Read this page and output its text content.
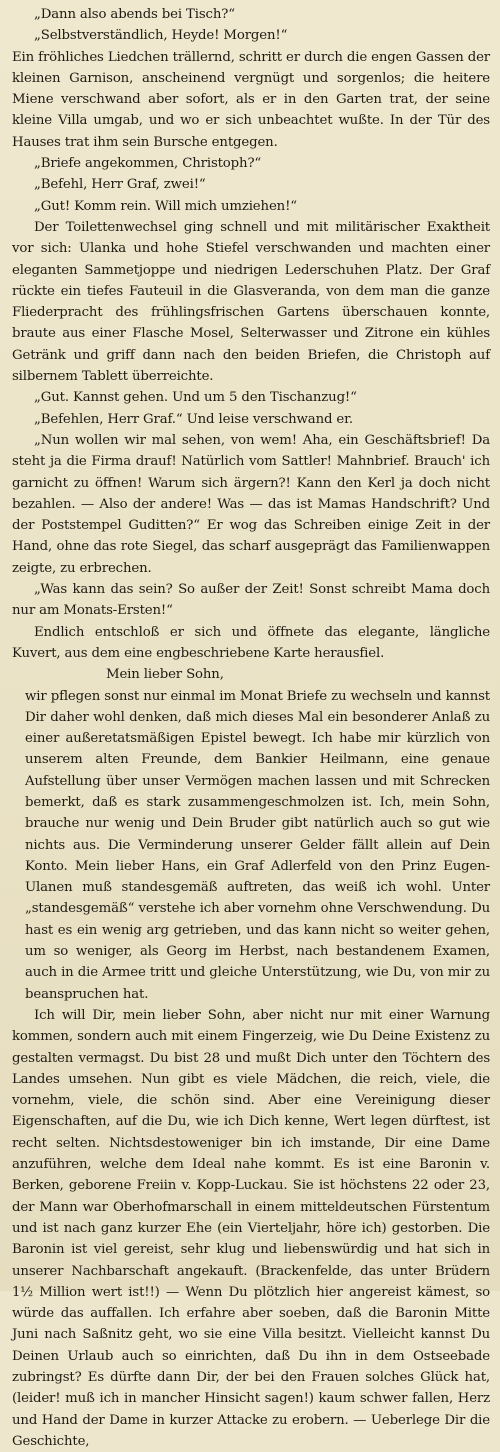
„Dann also abends bei Tisch?“

„Selbstverständlich, Heyde! Morgen!“

Ein fröhliches Liedchen trällernd, schritt er durch die engen Gassen der kleinen Garnison, anscheinend vergnügt und sorgenlos; die heitere Miene verschwand aber sofort, als er in den Garten trat, der seine kleine Villa umgab, und wo er sich unbeachtet wußte. In der Tür des Hauses trat ihm sein Bursche entgegen.

„Briefe angekommen, Christoph?“

„Befehl, Herr Graf, zwei!“

„Gut! Komm rein. Will mich umziehen!“

Der Toilettenwechsel ging schnell und mit militärischer Exaktheit vor sich: Ulanka und hohe Stiefel verschwanden und machten einer eleganten Sammetjoppe und niedrigen Lederschuhen Platz. Der Graf rückte ein tiefes Fauteuil in die Glasveranda, von dem man die ganze Fliederpracht des frühlingsfrischen Gartens überschauen konnte, braute aus einer Flasche Mosel, Selterwasser und Zitrone ein kühles Getränk und griff dann nach den beiden Briefen, die Christoph auf silbernem Tablett überreichte.

„Gut. Kannst gehen. Und um 5 den Tischanzug!“

„Befehlen, Herr Graf.“ Und leise verschwand er.

„Nun wollen wir mal sehen, von wem! Aha, ein Geschäftsbrief! Da steht ja die Firma drauf! Natürlich vom Sattler! Mahnbrief. Brauch' ich garnicht zu öffnen! Warum sich ärgern?! Kann den Kerl ja doch nicht bezahlen. — Also der andere! Was — das ist Mamas Handschrift? Und der Poststempel Guditten?“ Er wog das Schreiben einige Zeit in der Hand, ohne das rote Siegel, das scharf ausgeprägt das Familienwappen zeigte, zu erbrechen.

„Was kann das sein? So außer der Zeit! Sonst schreibt Mama doch nur am Monats-Ersten!“

Endlich entschloß er sich und öffnete das elegante, längliche Kuvert, aus dem eine engbeschriebene Karte herausfiel.

Mein lieber Sohn,

wir pflegen sonst nur einmal im Monat Briefe zu wechseln und kannst Dir daher wohl denken, daß mich dieses Mal ein besonderer Anlaß zu einer außeretatsmäßigen Epistel bewegt. Ich habe mir kürzlich von unserem alten Freunde, dem Bankier Heilmann, eine genaue Aufstellung über unser Vermögen machen lassen und mit Schrecken bemerkt, daß es stark zusammengeschmolzen ist. Ich, mein Sohn, brauche nur wenig und Dein Bruder gibt natürlich auch so gut wie nichts aus. Die Verminderung unserer Gelder fällt allein auf Dein Konto. Mein lieber Hans, ein Graf Adlerfeld von den Prinz Eugen-Ulanen muß standesgemäß auftreten, das weiß ich wohl. Unter „standesgemäß“ verstehe ich aber vornehm ohne Verschwendung. Du hast es ein wenig arg getrieben, und das kann nicht so weiter gehen, um so weniger, als Georg im Herbst, nach bestandenem Examen, auch in die Armee tritt und gleiche Unterstützung, wie Du, von mir zu beanspruchen hat.

Ich will Dir, mein lieber Sohn, aber nicht nur mit einer Warnung kommen, sondern auch mit einem Fingerzeig, wie Du Deine Existenz zu gestalten vermagst. Du bist 28 und mußt Dich unter den Töchtern des Landes umsehen. Nun gibt es viele Mädchen, die reich, viele, die vornehm, viele, die schön sind. Aber eine Vereinigung dieser Eigenschaften, auf die Du, wie ich Dich kenne, Wert legen dürftest, ist recht selten. Nichtsdestoweniger bin ich imstande, Dir eine Dame anzuführen, welche dem Ideal nahe kommt. Es ist eine Baronin v. Berken, geborene Freiin v. Kopp-Luckau. Sie ist höchstens 22 oder 23, der Mann war Oberhofmarschall in einem mitteldeutschen Fürstentum und ist nach ganz kurzer Ehe (ein Vierteljahr, höre ich) gestorben. Die Baronin ist viel gereist, sehr klug und liebenswürdig und hat sich in unserer Nachbarschaft angekauft. (Brackenfelde, das unter Brüdern 1½ Million wert ist!!) — Wenn Du plötzlich hier angereist kämest, so würde das auffallen. Ich erfahre aber soeben, daß die Baronin Mitte Juni nach Saßnitz geht, wo sie eine Villa besitzt. Vielleicht kannst Du Deinen Urlaub auch so einrichten, daß Du ihn in dem Ostseebade zubringst? Es dürfte dann Dir, der bei den Frauen solches Glück hat, (leider! muß ich in mancher Hinsicht sagen!) kaum schwer fallen, Herz und Hand der Dame in kurzer Attacke zu erobern. — Ueberlege Dir die Geschichte,
